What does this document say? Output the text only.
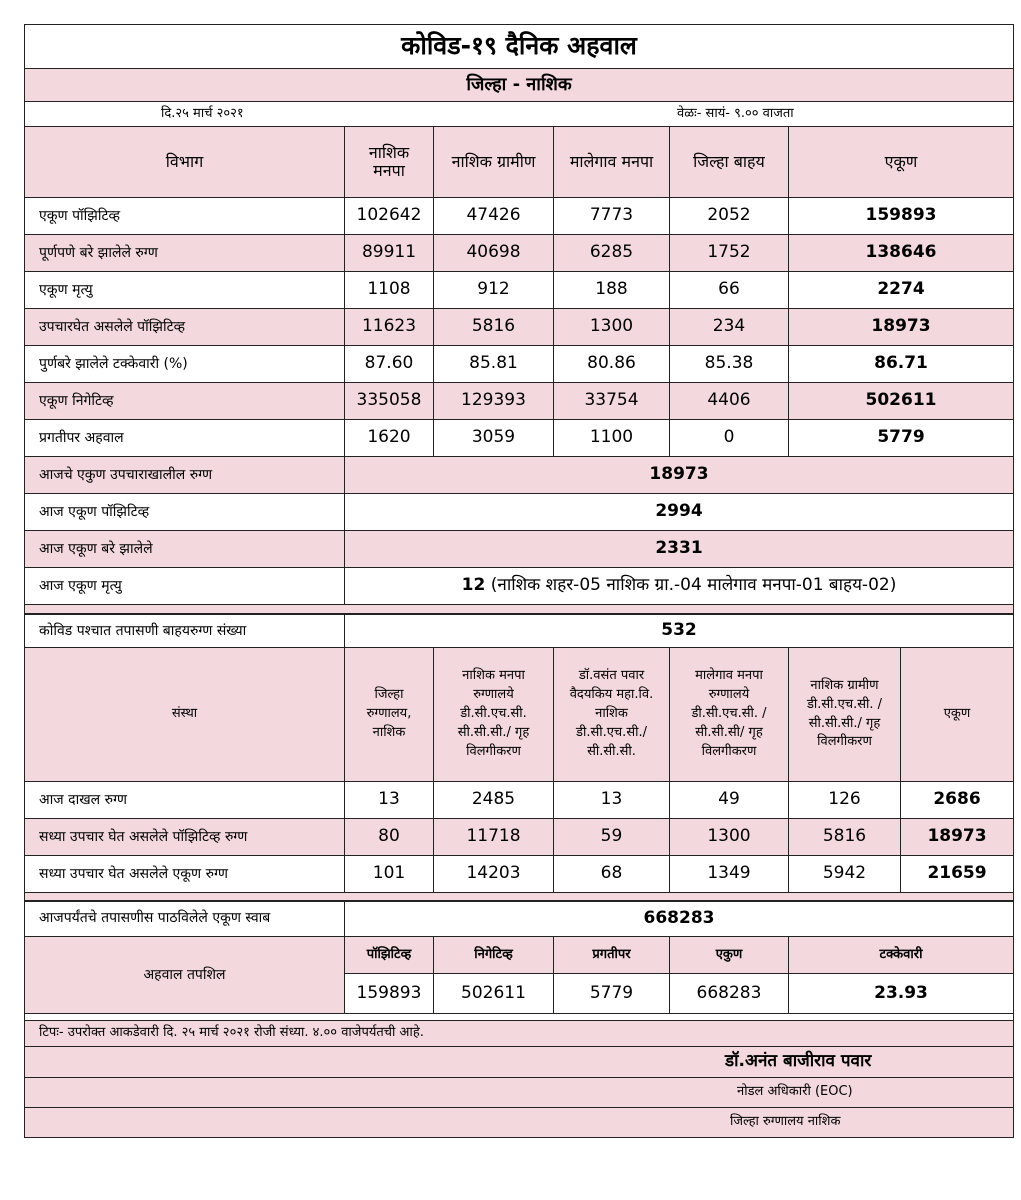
कोविड-१९ दैनिक अहवाल					
जिल्हा - नाशिक					

दि.२५ मार्च २०२१ वेळः- सायं- ९.०० वाजता					

विभाग	नाशिक मनपा	नाशिक ग्रामीण	मालेगाव मनपा	जिल्हा बाहय	एकूण
एकूण पॉझिटिव्ह	102642	47426	7773	2052	159893
पूर्णपणे बरे झालेले रुग्ण	89911	40698	6285	1752	138646
एकूण मृत्यु	1108	912	188	66	2274
उपचारघेत असलेले पॉझिटिव्ह	11623	5816	1300	234	18973
पुर्णबरे झालेले टक्केवारी (%)	87.60	85.81	80.86	85.38	86.71
एकूण निगेटिव्ह	335058	129393	33754	4406	502611
प्रगतीपर अहवाल	1620	3059	1100	0	5779
आजचे एकुण उपचाराखालील रुग्ण	18973				
आज एकूण पॉझिटिव्ह	2994				
आज एकूण बरे झालेले	2331				
आज एकूण मृत्यु	12 (नाशिक शहर-05 नाशिक ग्रा.-04 मालेगाव मनपा-01 बाहय-02)				

कोविड पश्चात तपासणी बाहयरुग्ण संख्या	532					
संस्था	जिल्हा रुग्णालय, नाशिक	नाशिक मनपा रुग्णालये डी.सी.एच.सी. सी.सी.सी./ गृह विलगीकरण	डॉ.वसंत पवार वैदयकिय महा.वि. नाशिक डी.सी.एच.सी./ सी.सी.सी.	मालेगाव मनपा रुग्णालये डी.सी.एच.सी. /सी.सी.सी/ गृह विलगीकरण	नाशिक ग्रामीण डी.सी.एच.सी. /सी.सी.सी./ गृह विलगीकरण	एकूण
आज दाखल रुग्ण	13	2485	13	49	126	2686
सध्या उपचार घेत असलेले पॉझिटिव्ह रुग्ण	80	11718	59	1300	5816	18973
सध्या उपचार घेत असलेले एकूण रुग्ण	101	14203	68	1349	5942	21659

आजपर्यंतचे तपासणीस पाठविलेले एकूण स्वाब	668283				
अहवाल तपशिल	पॉझिटिव्ह	निगेटिव्ह	प्रगतीपर	एकुण	टक्केवारी
	159893	502611	5779	668283	23.93

टिपः- उपरोक्त आकडेवारी दि. २५ मार्च २०२१ रोजी संध्या. ४.०० वाजेपर्यतची आहे.					
डॉ.अनंत बाजीराव पवार					
नोडल अधिकारी (EOC)					
जिल्हा रुग्णालय नाशिक					
